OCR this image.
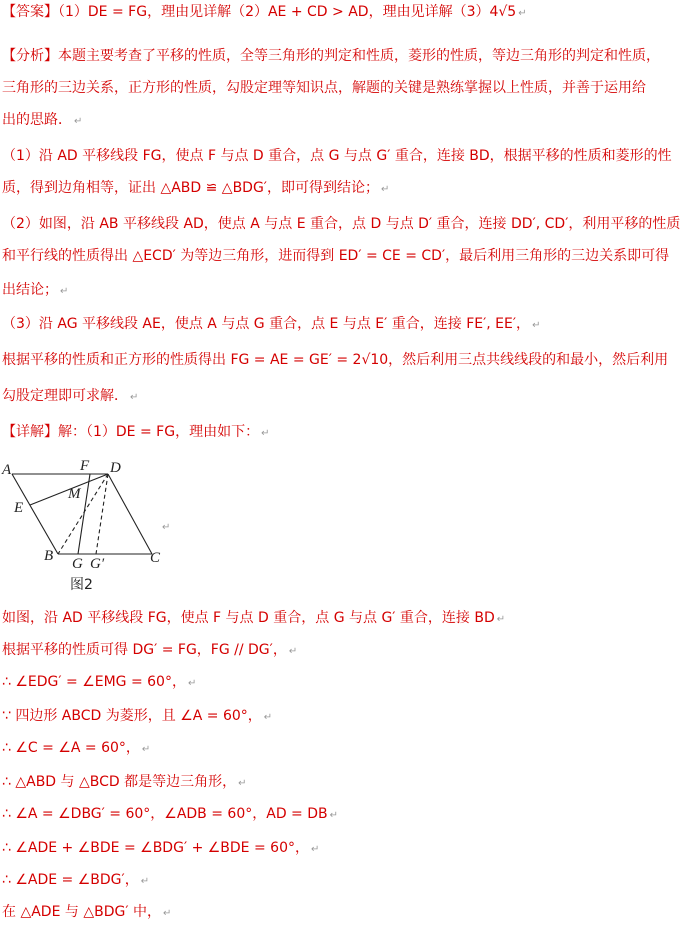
【答案】（1）DE = FG，理由见详解（2）AE + CD > AD，理由见详解（3）4√5 ↵
【分析】本题主要考查了平移的性质，全等三角形的判定和性质，菱形的性质，等边三角形的判定和性质，
三角形的三边关系，正方形的性质，勾股定理等知识点，解题的关键是熟练掌握以上性质，并善于运用给
出的思路． ↵
（1）沿 AD 平移线段 FG，使点 F 与点 D 重合，点 G 与点 G′ 重合，连接 BD，根据平移的性质和菱形的性
质，得到边角相等，证出 △ABD ≌ △BDG′，即可得到结论； ↵
（2）如图，沿 AB 平移线段 AD，使点 A 与点 E 重合，点 D 与点 D′ 重合，连接 DD′, CD′，利用平移的性质
和平行线的性质得出 △ECD′ 为等边三角形，进而得到 ED′ = CE = CD′，最后利用三角形的三边关系即可得
出结论； ↵
（3）沿 AG 平移线段 AE，使点 A 与点 G 重合，点 E 与点 E′ 重合，连接 FE′, EE′， ↵
根据平移的性质和正方形的性质得出 FG = AE = GE′ = 2√10，然后利用三点共线线段的和最小，然后利用
勾股定理即可求解． ↵
【详解】解：（1）DE = FG，理由如下： ↵
A	F D
M
E
B G G′	C
图2
↵
如图，沿 AD 平移线段 FG，使点 F 与点 D 重合，点 G 与点 G′ 重合，连接 BD ↵
根据平移的性质可得 DG′ = FG，FG // DG′， ↵
∴ ∠EDG′ = ∠EMG = 60°， ↵
∵ 四边形 ABCD 为菱形，且 ∠A = 60°， ↵
∴ ∠C = ∠A = 60°， ↵
∴ △ABD 与 △BCD 都是等边三角形， ↵
∴ ∠A = ∠DBG′ = 60°，∠ADB = 60°，AD = DB ↵
∴ ∠ADE + ∠BDE = ∠BDG′ + ∠BDE = 60°， ↵
∴ ∠ADE = ∠BDG′， ↵
在 △ADE 与 △BDG′ 中， ↵
